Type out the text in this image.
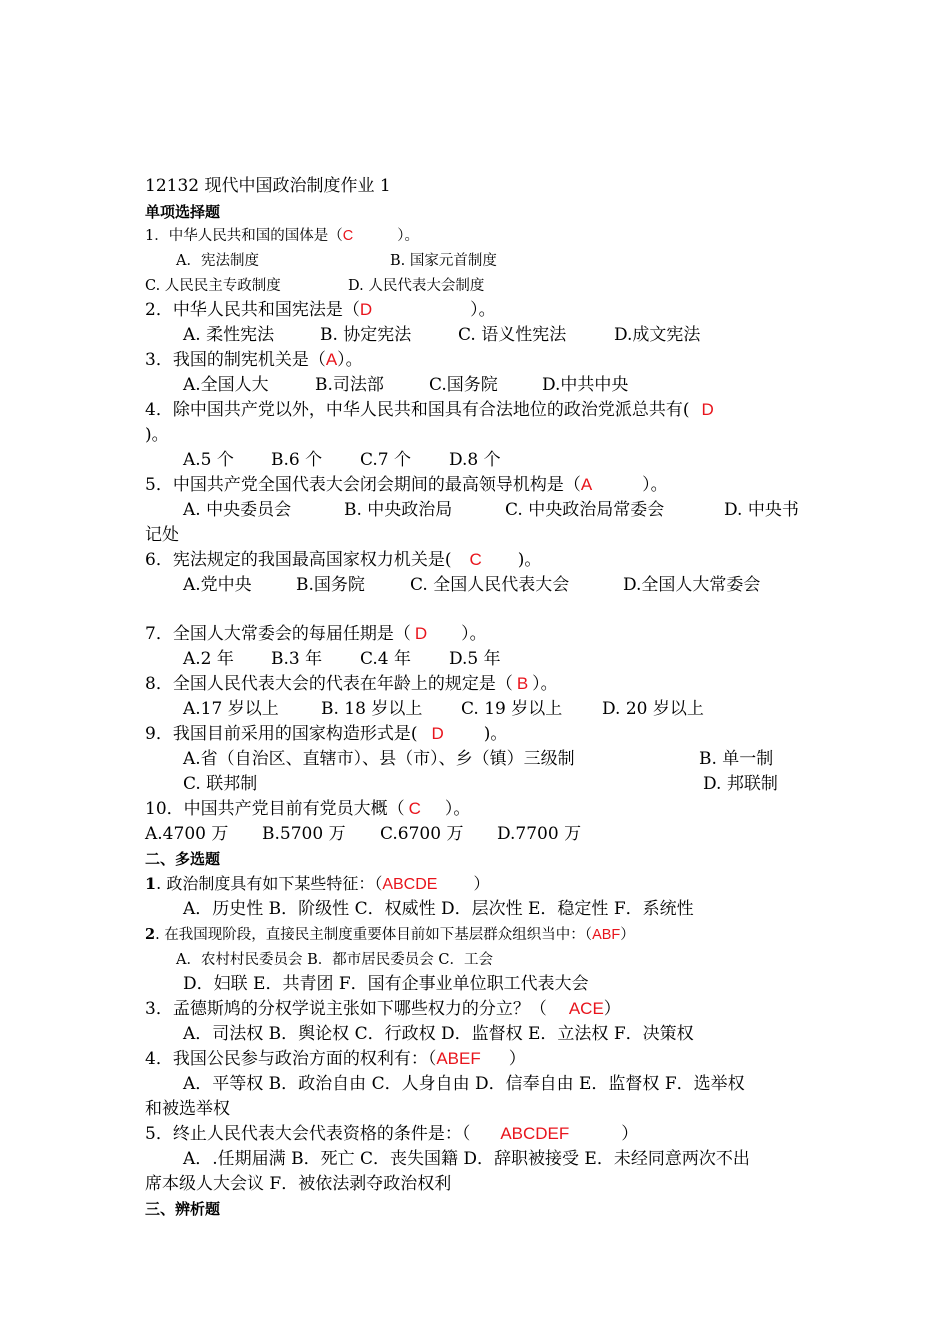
12132 现代中国政治制度作业 1
单项选择题
1．中华人民共和国的国体是（C	）。
A．宪法制度	B. 国家元首制度
C. 人民民主专政制度	D. 人民代表大会制度
2．中华人民共和国宪法是（D	）。
A. 柔性宪法	B. 协定宪法	C. 语义性宪法	D.成文宪法
3．我国的制宪机关是（A）。
A.全国人大	B.司法部	C.国务院	D.中共中央
4．除中国共产党以外，中华人民共和国具有合法地位的政治党派总共有( D
)。
A.5 个 B.6 个 C.7 个 D.8 个
5．中国共产党全国代表大会闭会期间的最高领导机构是（A	）。
A. 中央委员会	B. 中央政治局	C. 中央政治局常委会	D. 中央书
记处
6．宪法规定的我国最高国家权力机关是( C )。
A.党中央	B.国务院	C. 全国人民代表大会	D.全国人大常委会
7．全国人大常委会的每届任期是（ D ）。
A.2 年 B.3 年 C.4 年 D.5 年
8．全国人民代表大会的代表在年龄上的规定是（ B ）。
A.17 岁以上 B. 18 岁以上 C. 19 岁以上 D. 20 岁以上
9．我国目前采用的国家构造形式是( D )。
A.省（自治区、直辖市）、县（市）、乡（镇）三级制	B. 单一制
C. 联邦制	D. 邦联制
10．中国共产党目前有党员大概（ C ）。
A.4700 万 B.5700 万 C.6700 万 D.7700 万
二、多选题
1. 政治制度具有如下某些特征：（ABCDE ）
A．历史性 B．阶级性 C．权威性 D．层次性 E．稳定性 F．系统性
2. 在我国现阶段，直接民主制度重要体目前如下基层群众组织当中：（ABF）
A．农村村民委员会 B．都市居民委员会 C．工会
D．妇联 E．共青团 F．国有企事业单位职工代表大会
3．孟德斯鸠的分权学说主张如下哪些权力的分立？（ ACE）
A．司法权 B．舆论权 C．行政权 D．监督权 E．立法权 F．决策权
4．我国公民参与政治方面的权利有：（ABEF ）
A．平等权 B．政治自由 C．人身自由 D．信奉自由 E．监督权 F．选举权
和被选举权
5．终止人民代表大会代表资格的条件是：（ ABCDEF	）
A．.任期届满 B．死亡 C．丧失国籍 D．辞职被接受 E．未经同意两次不出
席本级人大会议 F．被依法剥夺政治权利
三、辨析题
